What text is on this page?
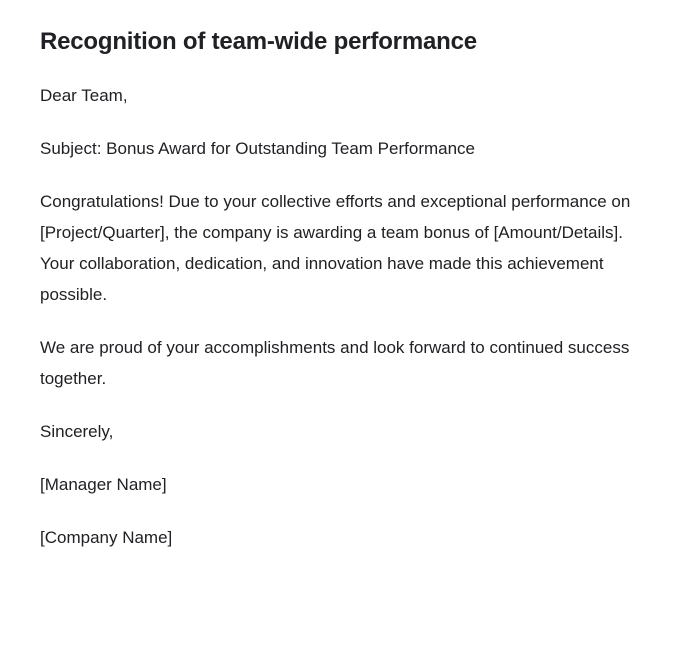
Recognition of team-wide performance

Dear Team,

Subject: Bonus Award for Outstanding Team Performance

Congratulations! Due to your collective efforts and exceptional performance on [Project/Quarter], the company is awarding a team bonus of [Amount/Details]. Your collaboration, dedication, and innovation have made this achievement possible.

We are proud of your accomplishments and look forward to continued success together.

Sincerely,

[Manager Name]

[Company Name]
